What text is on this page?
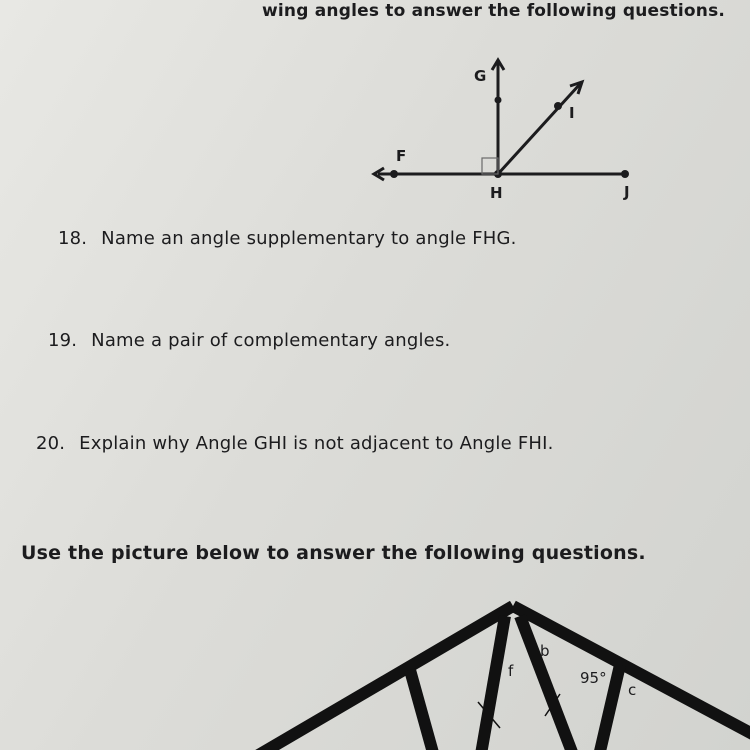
wing angles to answer the following questions.
G
I
F
H	J
18. Name an angle supplementary to angle FHG.
19. Name a pair of complementary angles.
20. Explain why Angle GHI is not adjacent to Angle FHI.
Use the picture below to answer the following questions.
b
f	95°
c
